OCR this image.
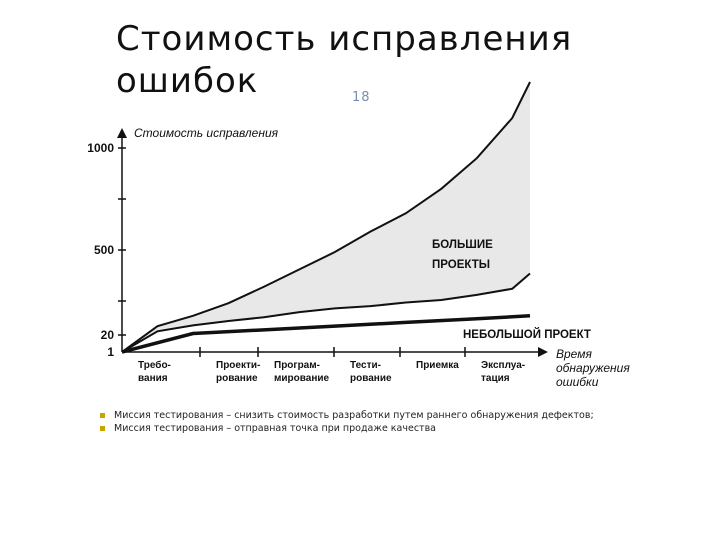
Стоимость исправления ошибок	18
1
20
500
1000
Стоимость исправления
Требо-
вания
Проекти-
рование
Програм-
мирование
Тести-
рование
Приемка Эксплуа-
тация
Время
обнаружения
ошибки
БОЛЬШИЕ
ПРОЕКТЫ
НЕБОЛЬШОЙ ПРОЕКТ
Миссия тестирования – снизить стоимость разработки путем раннего обнаружения дефектов;
Миссия тестирования – отправная точка при продаже качества
